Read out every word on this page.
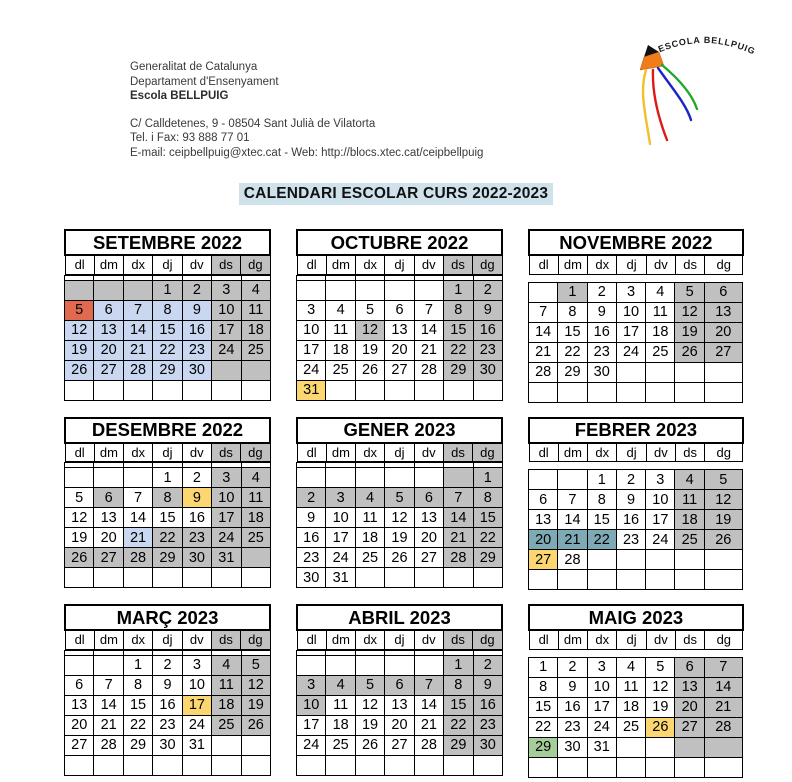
Generalitat de Catalunya
Departament d'Ensenyament
Escola BELLPUIG
C/ Calldetenes, 9 - 08504 Sant Julià de Vilatorta
Tel. i Fax: 93 888 77 01
E-mail: ceipbellpuig@xtec.cat - Web: http://blocs.xtec.cat/ceipbellpuig
ESCOLA BELLPUIG
CALENDARI ESCOLAR CURS 2022-2023
SETEMBRE 2022
dl	dm	dx	dj	dv	ds	dg

			1	2	3	4
5	6	7	8	9	10	11
12	13	14	15	16	17	18
19	20	21	22	23	24	25
26	27	28	29	30		

OCTUBRE 2022
dl	dm	dx	dj	dv	ds	dg

					1	2
3	4	5	6	7	8	9
10	11	12	13	14	15	16
17	18	19	20	21	22	23
24	25	26	27	28	29	30
31						
NOVEMBRE 2022
dl	dm	dx	dj	dv	ds	dg
	1	2	3	4	5	6
7	8	9	10	11	12	13
14	15	16	17	18	19	20
21	22	23	24	25	26	27
28	29	30				

DESEMBRE 2022
dl	dm	dx	dj	dv	ds	dg

			1	2	3	4
5	6	7	8	9	10	11
12	13	14	15	16	17	18
19	20	21	22	23	24	25
26	27	28	29	30	31	

GENER 2023
dl	dm	dx	dj	dv	ds	dg

						1
2	3	4	5	6	7	8
9	10	11	12	13	14	15
16	17	18	19	20	21	22
23	24	25	26	27	28	29
30	31					
FEBRER 2023
dl	dm	dx	dj	dv	ds	dg
		1	2	3	4	5
6	7	8	9	10	11	12
13	14	15	16	17	18	19
20	21	22	23	24	25	26
27	28					

MARÇ 2023
dl	dm	dx	dj	dv	ds	dg

		1	2	3	4	5
6	7	8	9	10	11	12
13	14	15	16	17	18	19
20	21	22	23	24	25	26
27	28	29	30	31		

ABRIL 2023
dl	dm	dx	dj	dv	ds	dg

					1	2
3	4	5	6	7	8	9
10	11	12	13	14	15	16
17	18	19	20	21	22	23
24	25	26	27	28	29	30

MAIG 2023
dl	dm	dx	dj	dv	ds	dg
1	2	3	4	5	6	7
8	9	10	11	12	13	14
15	16	17	18	19	20	21
22	23	24	25	26	27	28
29	30	31				
